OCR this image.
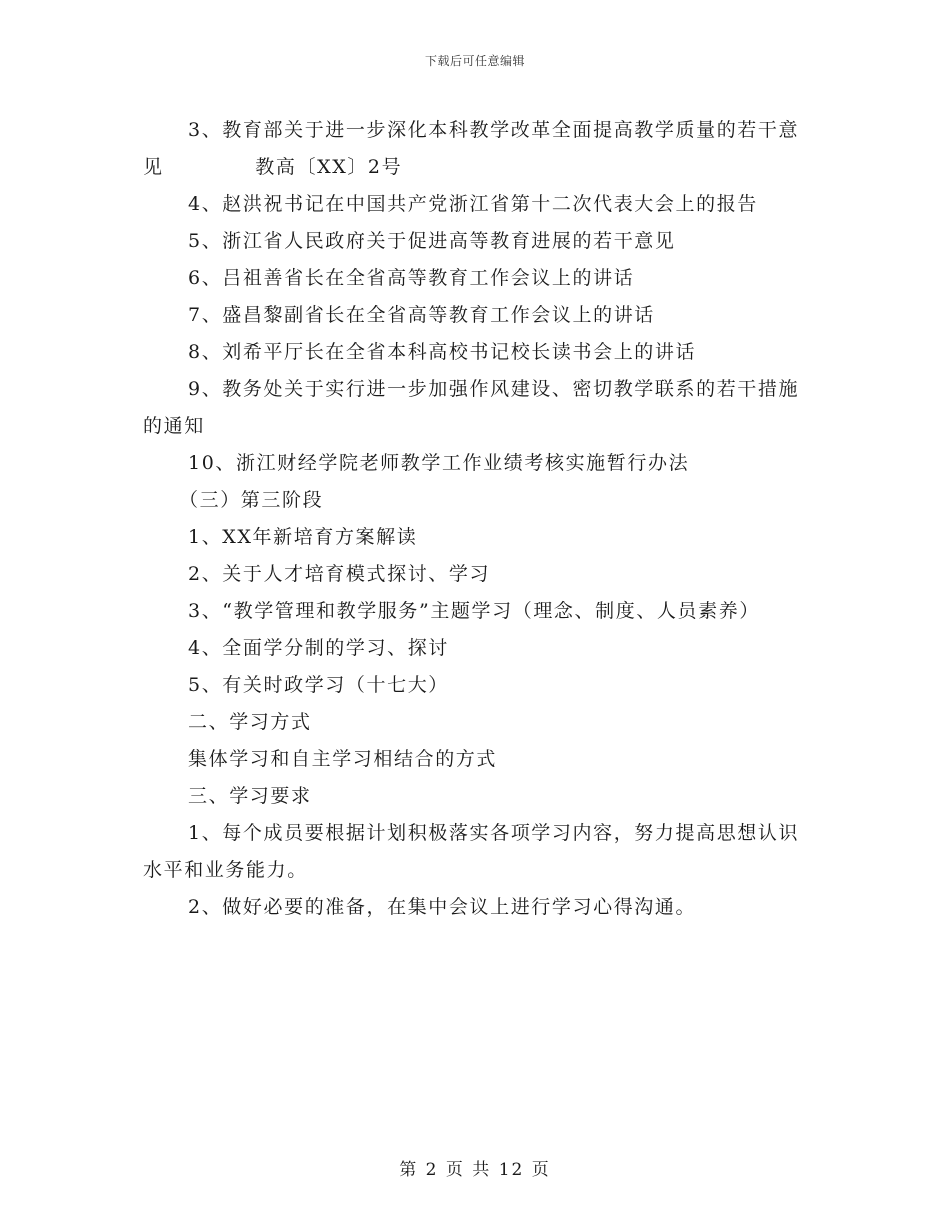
下载后可任意编辑

3、教育部关于进一步深化本科教学改革全面提高教学质量的若干意见            教高〔XX〕2号

4、赵洪祝书记在中国共产党浙江省第十二次代表大会上的报告

5、浙江省人民政府关于促进高等教育进展的若干意见

6、吕祖善省长在全省高等教育工作会议上的讲话

7、盛昌黎副省长在全省高等教育工作会议上的讲话

8、刘希平厅长在全省本科高校书记校长读书会上的讲话

9、教务处关于实行进一步加强作风建设、密切教学联系的若干措施的通知

10、浙江财经学院老师教学工作业绩考核实施暂行办法

（三）第三阶段

1、XX年新培育方案解读

2、关于人才培育模式探讨、学习

3、“教学管理和教学服务”主题学习（理念、制度、人员素养）

4、全面学分制的学习、探讨

5、有关时政学习（十七大）

二、学习方式

集体学习和自主学习相结合的方式

三、学习要求

1、每个成员要根据计划积极落实各项学习内容，努力提高思想认识水平和业务能力。

2、做好必要的准备，在集中会议上进行学习心得沟通。

第 2 页 共 12 页
